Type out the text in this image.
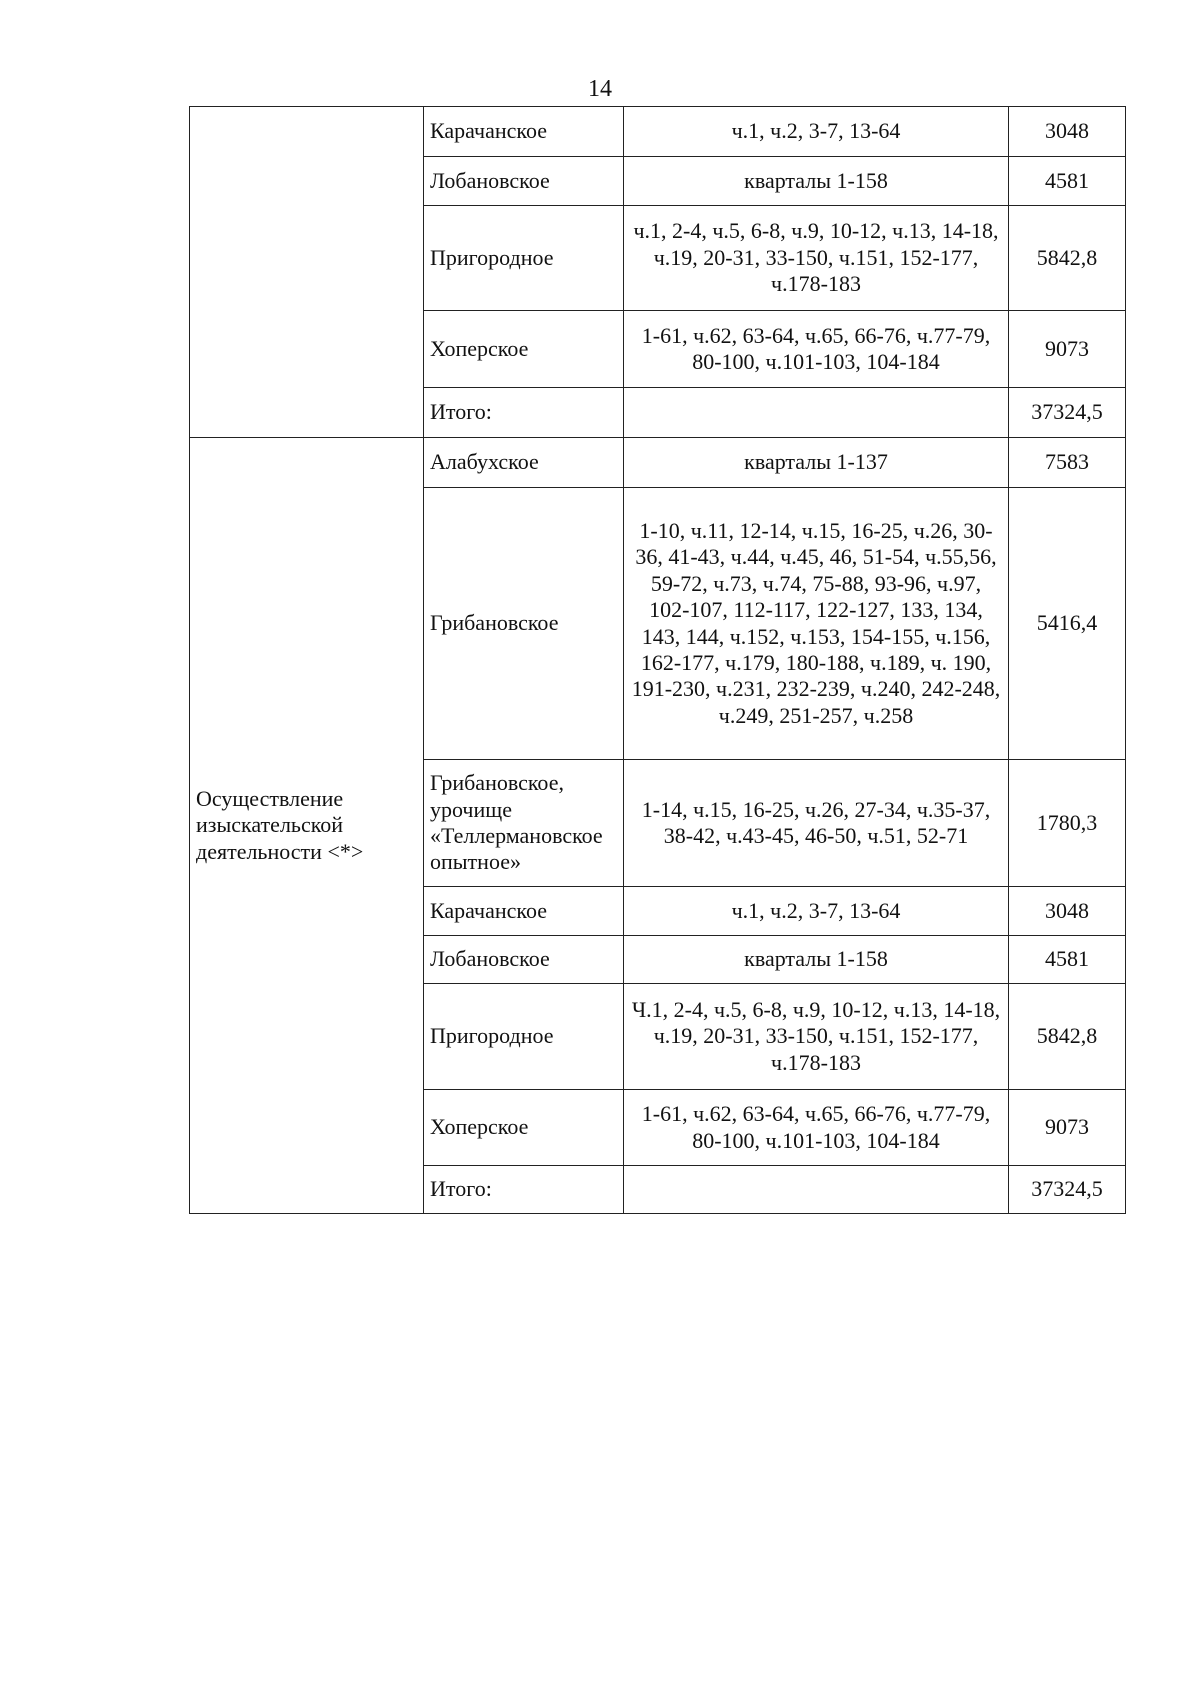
14
	Карачанское	ч.1, ч.2, 3-7, 13-64	3048
	Лобановское	кварталы 1-158	4581
	Пригородное	ч.1, 2-4, ч.5, 6-8, ч.9, 10-12, ч.13, 14-18, ч.19, 20-31, 33-150, ч.151, 152-177, ч.178-183	5842,8
	Хоперское	1-61, ч.62, 63-64, ч.65, 66-76, ч.77-79, 80-100, ч.101-103, 104-184	9073
	Итого:		37324,5
Осуществление изыскательской деятельности <*>	Алабухское	кварталы 1-137	7583
	Грибановское	1-10, ч.11, 12-14, ч.15, 16-25, ч.26, 30-36, 41-43, ч.44, ч.45, 46, 51-54, ч.55,56, 59-72, ч.73, ч.74, 75-88, 93-96, ч.97, 102-107, 112-117, 122-127, 133, 134, 143, 144, ч.152, ч.153, 154-155, ч.156, 162-177, ч.179, 180-188, ч.189, ч. 190, 191-230, ч.231, 232-239, ч.240, 242-248, ч.249, 251-257, ч.258	5416,4
	Грибановское, урочище «Теллермановское опытное»	1-14, ч.15, 16-25, ч.26, 27-34, ч.35-37, 38-42, ч.43-45, 46-50, ч.51, 52-71	1780,3
	Карачанское	ч.1, ч.2, 3-7, 13-64	3048
	Лобановское	кварталы 1-158	4581
	Пригородное	Ч.1, 2-4, ч.5, 6-8, ч.9, 10-12, ч.13, 14-18, ч.19, 20-31, 33-150, ч.151, 152-177, ч.178-183	5842,8
	Хоперское	1-61, ч.62, 63-64, ч.65, 66-76, ч.77-79, 80-100, ч.101-103, 104-184	9073
	Итого:		37324,5
